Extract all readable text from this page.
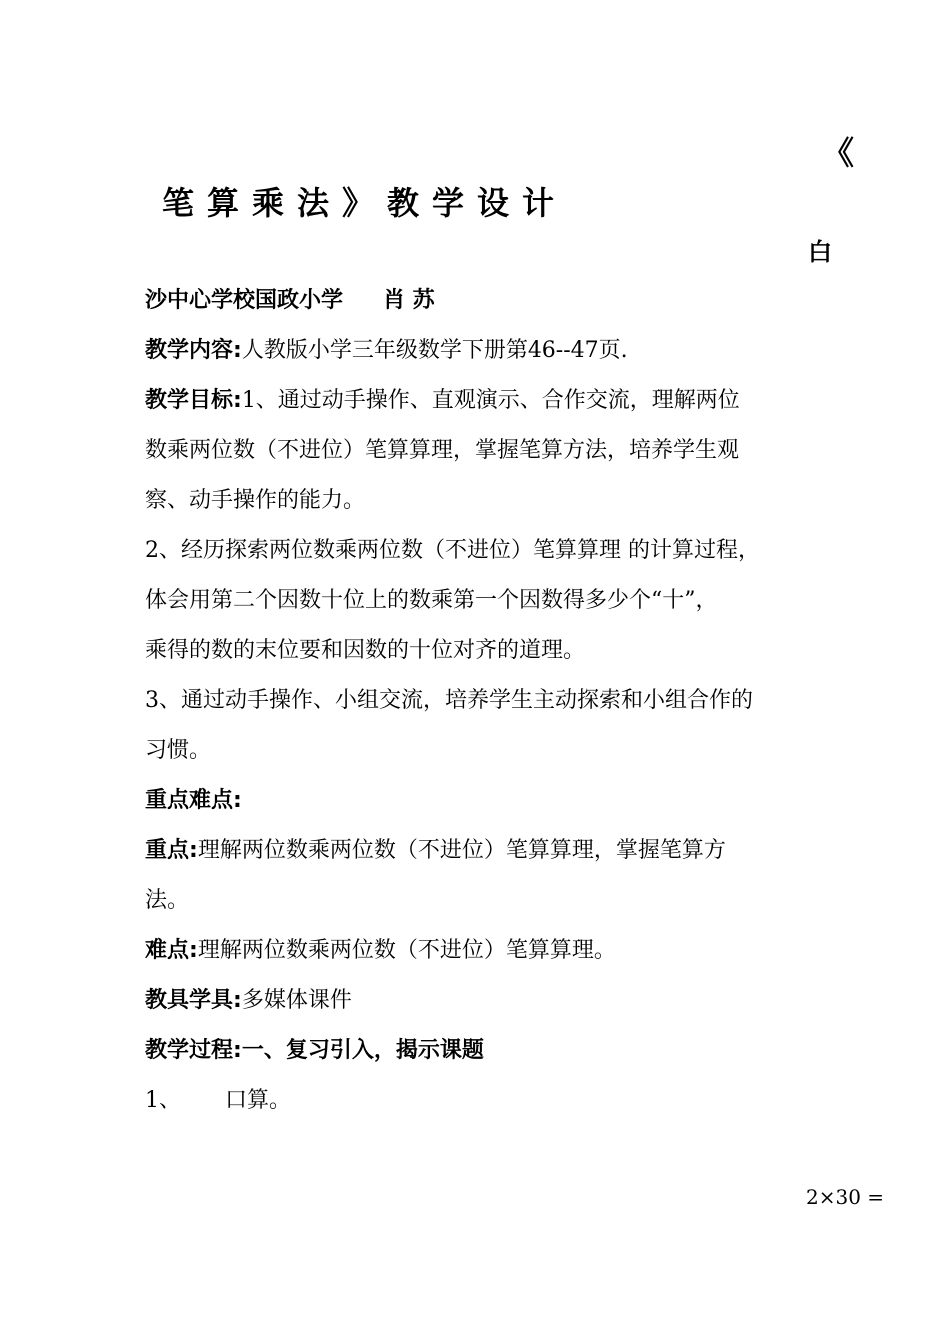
《
笔算乘法》教学设计
白
沙中心学校国政小学 肖 苏
教学内容:人教版小学三年级数学下册第46--47页.
教学目标:1、通过动手操作、直观演示、合作交流，理解两位
数乘两位数（不进位）笔算算理，掌握笔算方法，培养学生观
察、动手操作的能力。
2、经历探索两位数乘两位数（不进位）笔算算理 的计算过程，
体会用第二个因数十位上的数乘第一个因数得多少个“十”，
乘得的数的末位要和因数的十位对齐的道理。
3、通过动手操作、小组交流，培养学生主动探索和小组合作的
习惯。
重点难点:
重点:理解两位数乘两位数（不进位）笔算算理，掌握笔算方
法。
难点:理解两位数乘两位数（不进位）笔算算理。
教具学具:多媒体课件
教学过程:一、复习引入，揭示课题
1、 口算。
2×30 =
